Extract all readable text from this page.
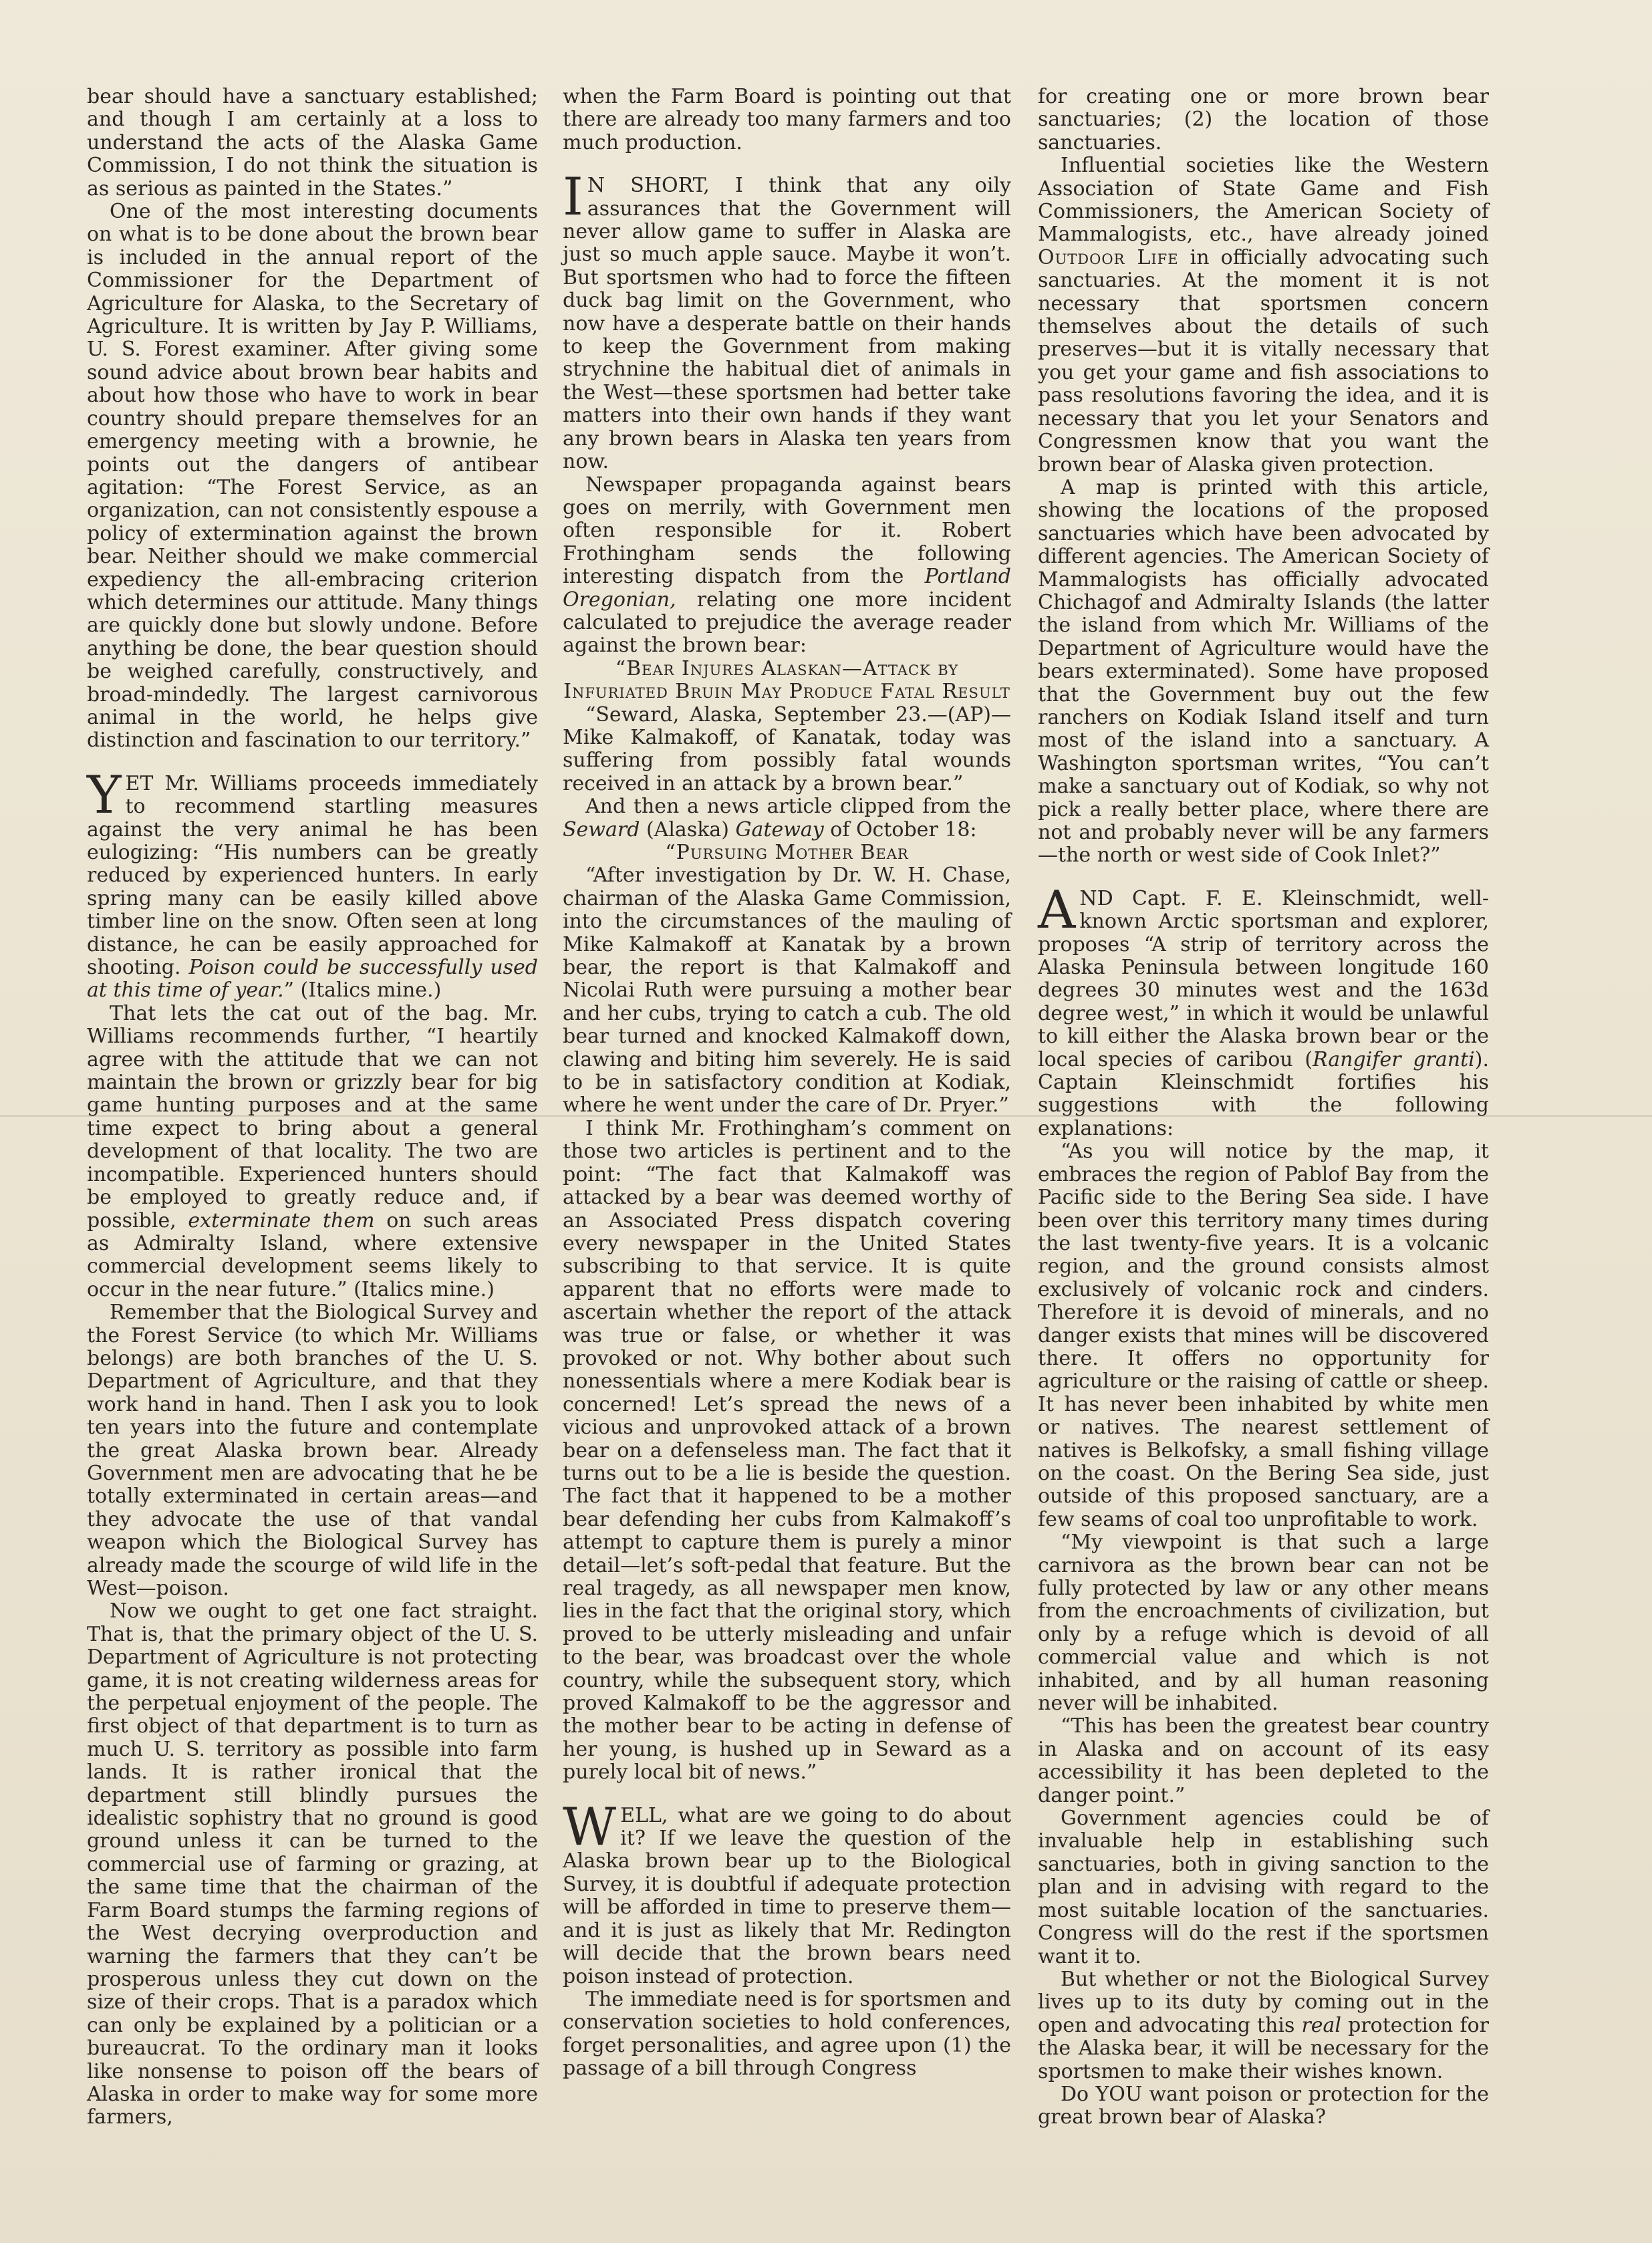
bear should have a sanctuary established; and though I am certainly at a loss to understand the acts of the Alaska Game Commission, I do not think the situation is as serious as painted in the States.”

One of the most interesting documents on what is to be done about the brown bear is included in the annual report of the Commissioner for the Department of Agriculture for Alaska, to the Secretary of Agriculture. It is written by Jay P. Williams, U. S. Forest examiner. After giving some sound advice about brown bear habits and about how those who have to work in bear country should prepare themselves for an emergency meeting with a brownie, he points out the dangers of antibear agitation: “The Forest Service, as an organization, can not consistently espouse a policy of extermination against the brown bear. Neither should we make commercial expediency the all-embracing criterion which determines our attitude. Many things are quickly done but slowly undone. Before anything be done, the bear question should be weighed carefully, constructively, and broad-mindedly. The largest carnivorous animal in the world, he helps give distinction and fascination to our territory.”

YET Mr. Williams proceeds immediately to recommend startling measures against the very animal he has been eulogizing: “His numbers can be greatly reduced by experienced hunters. In early spring many can be easily killed above timber line on the snow. Often seen at long distance, he can be easily approached for shooting. Poison could be successfully used at this time of year.” (Italics mine.)

That lets the cat out of the bag. Mr. Williams recommends further, “I heartily agree with the attitude that we can not maintain the brown or grizzly bear for big game hunting purposes and at the same time expect to bring about a general development of that locality. The two are incompatible. Experienced hunters should be employed to greatly reduce and, if possible, exterminate them on such areas as Admiralty Island, where extensive commercial development seems likely to occur in the near future.” (Italics mine.)

Remember that the Biological Survey and the Forest Service (to which Mr. Williams belongs) are both branches of the U. S. Department of Agriculture, and that they work hand in hand. Then I ask you to look ten years into the future and contemplate the great Alaska brown bear. Already Government men are advocating that he be totally exterminated in certain areas—and they advocate the use of that vandal weapon which the Biological Survey has already made the scourge of wild life in the West—poison.

Now we ought to get one fact straight. That is, that the primary object of the U. S. Department of Agriculture is not protecting game, it is not creating wilderness areas for the perpetual enjoyment of the people. The first object of that department is to turn as much U. S. territory as possible into farm lands. It is rather ironical that the department still blindly pursues the idealistic sophistry that no ground is good ground unless it can be turned to the commercial use of farming or grazing, at the same time that the chairman of the Farm Board stumps the farming regions of the West decrying overproduction and warning the farmers that they can’t be prosperous unless they cut down on the size of their crops. That is a paradox which can only be explained by a politician or a bureaucrat. To the ordinary man it looks like nonsense to poison off the bears of Alaska in order to make way for some more farmers,

when the Farm Board is pointing out that there are already too many farmers and too much production.

IN SHORT, I think that any oily assurances that the Government will never allow game to suffer in Alaska are just so much apple sauce. Maybe it won’t. But sportsmen who had to force the fifteen duck bag limit on the Government, who now have a desperate battle on their hands to keep the Government from making strychnine the habitual diet of animals in the West—these sportsmen had better take matters into their own hands if they want any brown bears in Alaska ten years from now.

Newspaper propaganda against bears goes on merrily, with Government men often responsible for it. Robert Frothingham sends the following interesting dispatch from the Portland Oregonian, relating one more incident calculated to prejudice the average reader against the brown bear:

“Bear Injures Alaskan—Attack by Infuriated Bruin May Produce Fatal Result

“Seward, Alaska, September 23.—(AP)—Mike Kalmakoff, of Kanatak, today was suffering from possibly fatal wounds received in an attack by a brown bear.”

And then a news article clipped from the Seward (Alaska) Gateway of October 18:

“Pursuing Mother Bear

“After investigation by Dr. W. H. Chase, chairman of the Alaska Game Commission, into the circumstances of the mauling of Mike Kalmakoff at Kanatak by a brown bear, the report is that Kalmakoff and Nicolai Ruth were pursuing a mother bear and her cubs, trying to catch a cub. The old bear turned and knocked Kalmakoff down, clawing and biting him severely. He is said to be in satisfactory condition at Kodiak, where he went under the care of Dr. Pryer.”

I think Mr. Frothingham’s comment on those two articles is pertinent and to the point: “The fact that Kalmakoff was attacked by a bear was deemed worthy of an Associated Press dispatch covering every newspaper in the United States subscribing to that service. It is quite apparent that no efforts were made to ascertain whether the report of the attack was true or false, or whether it was provoked or not. Why bother about such nonessentials where a mere Kodiak bear is concerned! Let’s spread the news of a vicious and unprovoked attack of a brown bear on a defenseless man. The fact that it turns out to be a lie is beside the question. The fact that it happened to be a mother bear defending her cubs from Kalmakoff’s attempt to capture them is purely a minor detail—let’s soft-pedal that feature. But the real tragedy, as all newspaper men know, lies in the fact that the original story, which proved to be utterly misleading and unfair to the bear, was broadcast over the whole country, while the subsequent story, which proved Kalmakoff to be the aggressor and the mother bear to be acting in defense of her young, is hushed up in Seward as a purely local bit of news.”

WELL, what are we going to do about it? If we leave the question of the Alaska brown bear up to the Biological Survey, it is doubtful if adequate protection will be afforded in time to preserve them—and it is just as likely that Mr. Redington will decide that the brown bears need poison instead of protection.

The immediate need is for sportsmen and conservation societies to hold conferences, forget personalities, and agree upon (1) the passage of a bill through Congress

for creating one or more brown bear sanctuaries; (2) the location of those sanctuaries.

Influential societies like the Western Association of State Game and Fish Commissioners, the American Society of Mammalogists, etc., have already joined Outdoor Life in officially advocating such sanctuaries. At the moment it is not necessary that sportsmen concern themselves about the details of such preserves—but it is vitally necessary that you get your game and fish associations to pass resolutions favoring the idea, and it is necessary that you let your Senators and Congressmen know that you want the brown bear of Alaska given protection.

A map is printed with this article, showing the locations of the proposed sanctuaries which have been advocated by different agencies. The American Society of Mammalogists has officially advocated Chichagof and Admiralty Islands (the latter the island from which Mr. Williams of the Department of Agriculture would have the bears exterminated). Some have proposed that the Government buy out the few ranchers on Kodiak Island itself and turn most of the island into a sanctuary. A Washington sportsman writes, “You can’t make a sanctuary out of Kodiak, so why not pick a really better place, where there are not and probably never will be any farmers—the north or west side of Cook Inlet?”

AND Capt. F. E. Kleinschmidt, well-known Arctic sportsman and explorer, proposes “A strip of territory across the Alaska Peninsula between longitude 160 degrees 30 minutes west and the 163d degree west,” in which it would be unlawful to kill either the Alaska brown bear or the local species of caribou (Rangifer granti). Captain Kleinschmidt fortifies his suggestions with the following explanations:

“As you will notice by the map, it embraces the region of Pablof Bay from the Pacific side to the Bering Sea side. I have been over this territory many times during the last twenty-five years. It is a volcanic region, and the ground consists almost exclusively of volcanic rock and cinders. Therefore it is devoid of minerals, and no danger exists that mines will be discovered there. It offers no opportunity for agriculture or the raising of cattle or sheep. It has never been inhabited by white men or natives. The nearest settlement of natives is Belkofsky, a small fishing village on the coast. On the Bering Sea side, just outside of this proposed sanctuary, are a few seams of coal too unprofitable to work.

“My viewpoint is that such a large carnivora as the brown bear can not be fully protected by law or any other means from the encroachments of civilization, but only by a refuge which is devoid of all commercial value and which is not inhabited, and by all human reasoning never will be inhabited.

“This has been the greatest bear country in Alaska and on account of its easy accessibility it has been depleted to the danger point.”

Government agencies could be of invaluable help in establishing such sanctuaries, both in giving sanction to the plan and in advising with regard to the most suitable location of the sanctuaries. Congress will do the rest if the sportsmen want it to.

But whether or not the Biological Survey lives up to its duty by coming out in the open and advocating this real protection for the Alaska bear, it will be necessary for the sportsmen to make their wishes known.

Do YOU want poison or protection for the great brown bear of Alaska?
